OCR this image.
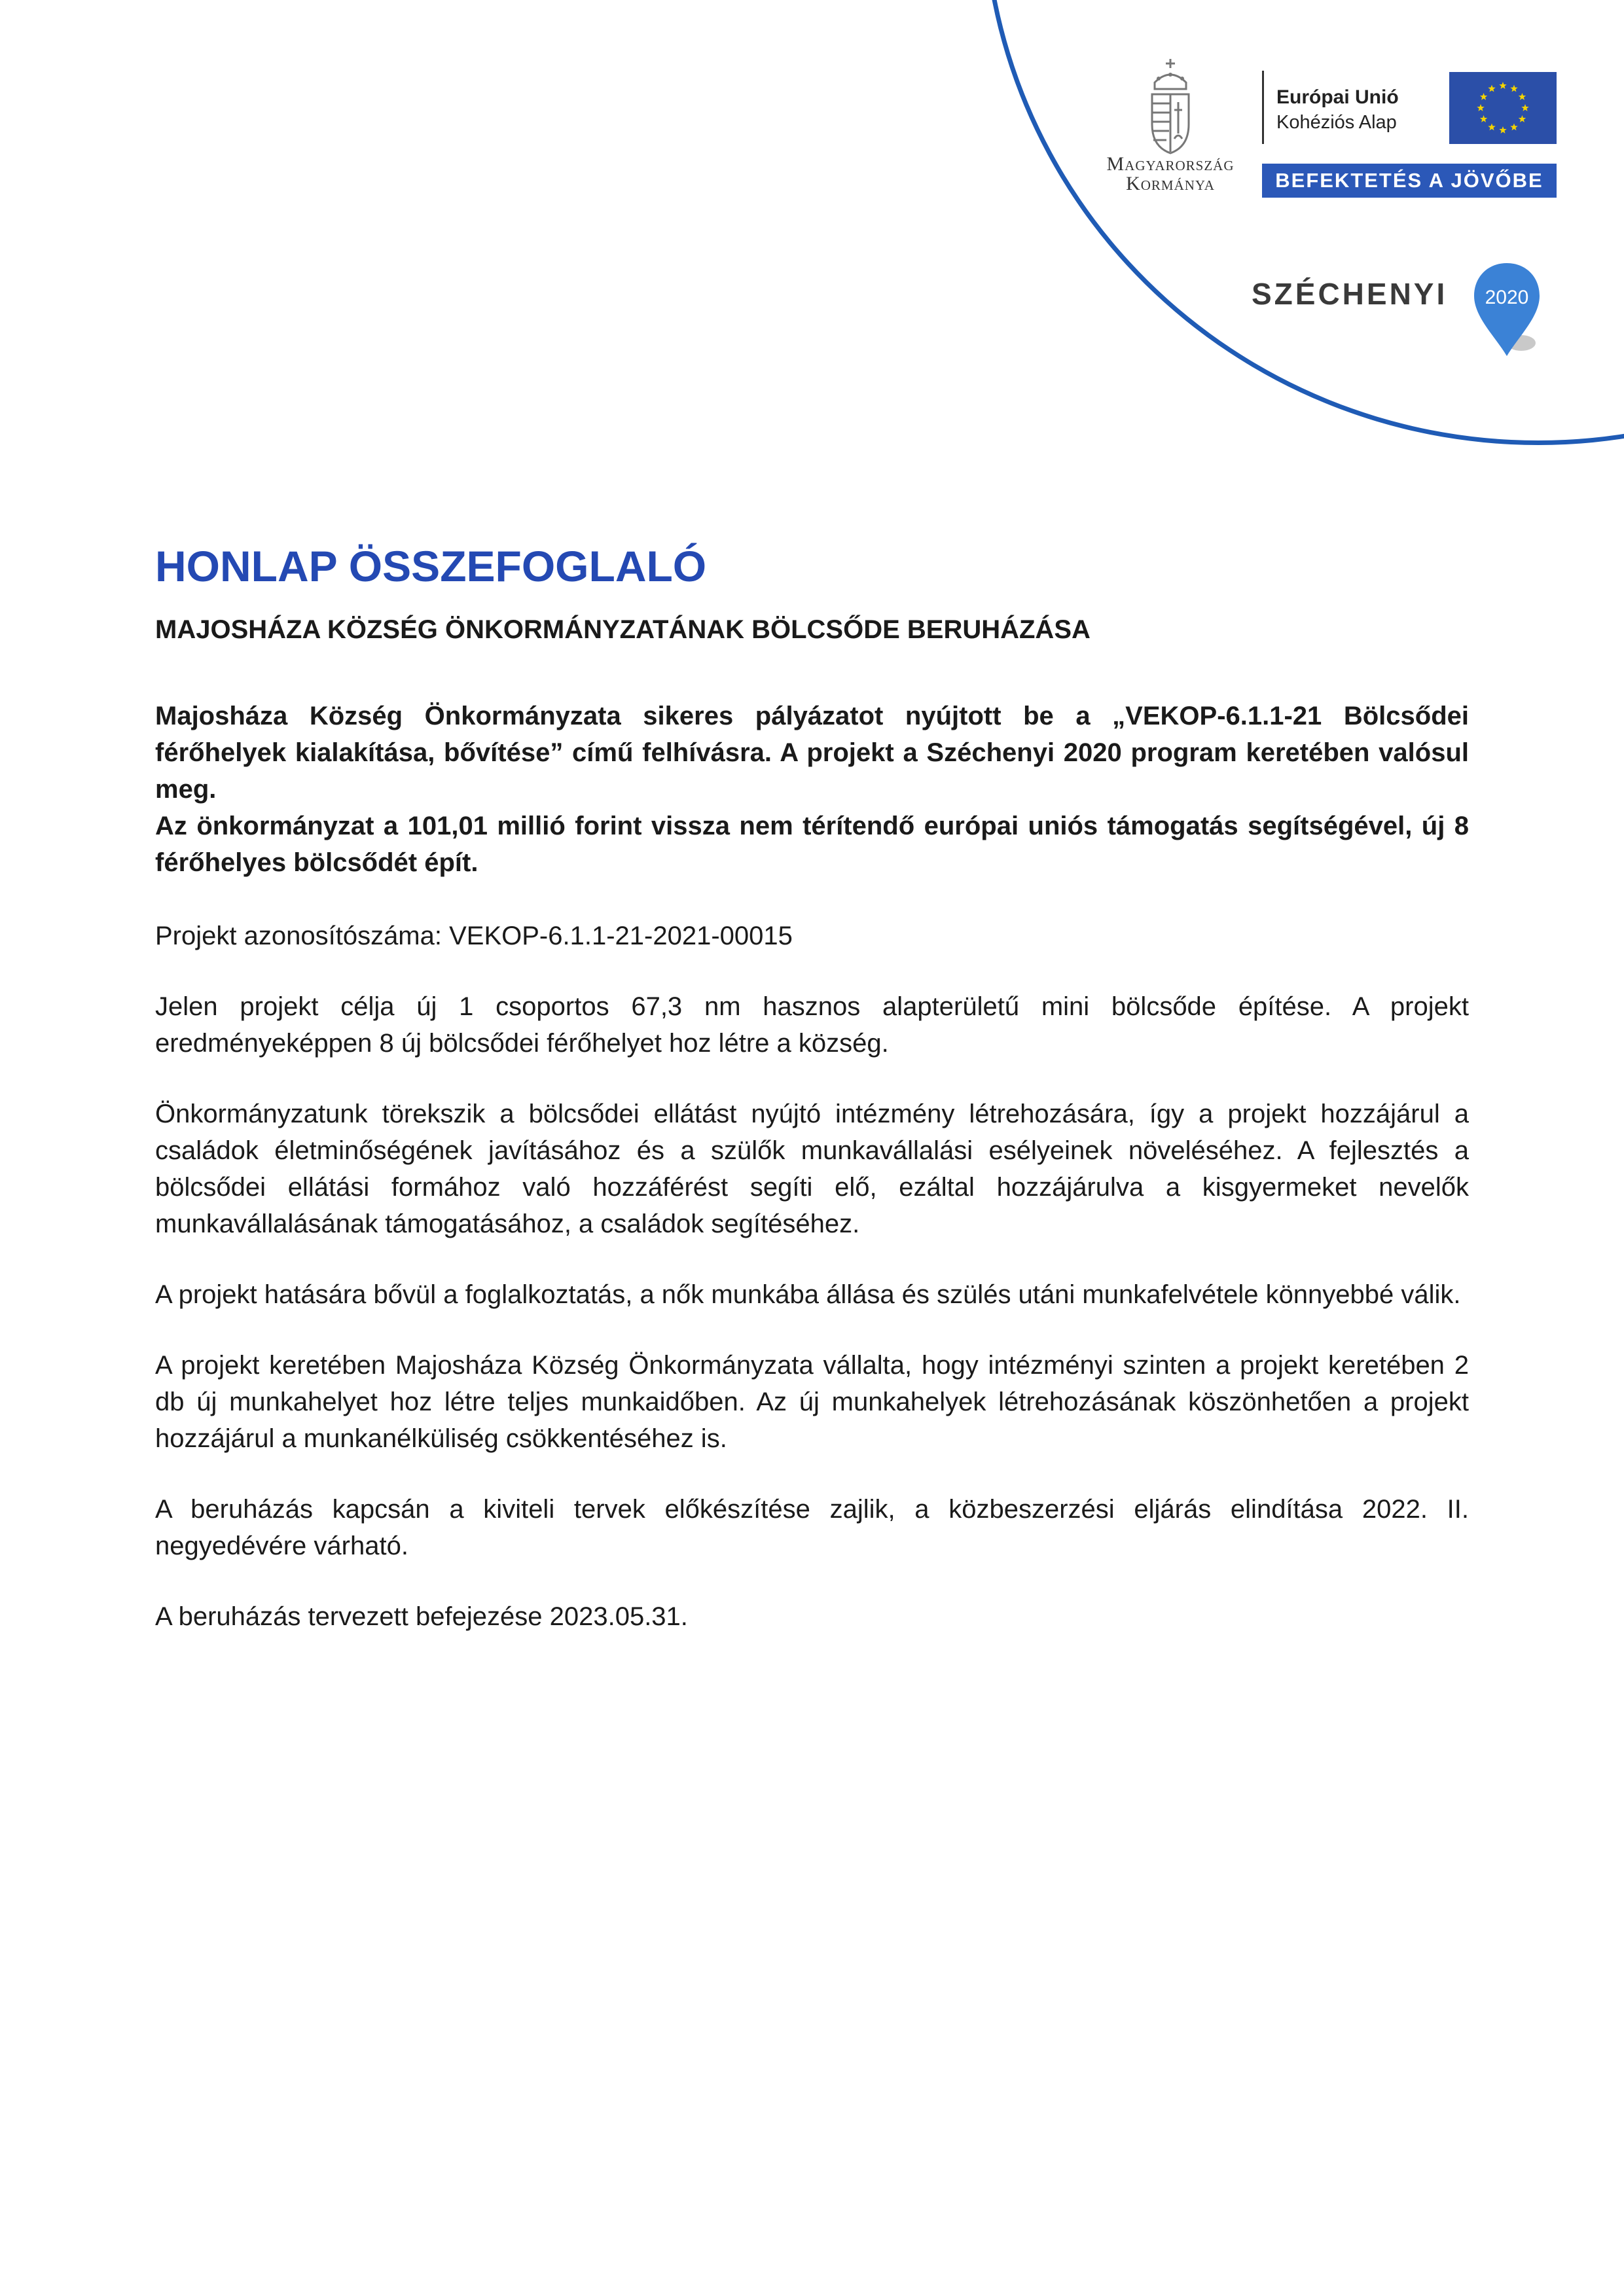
Magyarország
Kormánya
Európai Unió
Kohéziós Alap
BEFEKTETÉS A JÖVŐBE
SZÉCHENYI 2020
HONLAP ÖSSZEFOGLALÓ
MAJOSHÁZA KÖZSÉG ÖNKORMÁNYZATÁNAK BÖLCSŐDE BERUHÁZÁSA

Majosháza Község Önkormányzata sikeres pályázatot nyújtott be a „VEKOP-6.1.1-21 Bölcsődei férőhelyek kialakítása, bővítése” című felhívásra. A projekt a Széchenyi 2020 program keretében valósul meg.

Az önkormányzat a 101,01 millió forint vissza nem térítendő európai uniós támogatás segítségével, új 8 férőhelyes bölcsődét épít.

Projekt azonosítószáma: VEKOP-6.1.1-21-2021-00015

Jelen projekt célja új 1 csoportos 67,3 nm hasznos alapterületű mini bölcsőde építése. A projekt eredményeképpen 8 új bölcsődei férőhelyet hoz létre a község.

Önkormányzatunk törekszik a bölcsődei ellátást nyújtó intézmény létrehozására, így a projekt hozzájárul a családok életminőségének javításához és a szülők munkavállalási esélyeinek növeléséhez. A fejlesztés a bölcsődei ellátási formához való hozzáférést segíti elő, ezáltal hozzájárulva a kisgyermeket nevelők munkavállalásának támogatásához, a családok segítéséhez.

A projekt hatására bővül a foglalkoztatás, a nők munkába állása és szülés utáni munkafelvétele könnyebbé válik.

A projekt keretében Majosháza Község Önkormányzata vállalta, hogy intézményi szinten a projekt keretében 2 db új munkahelyet hoz létre teljes munkaidőben. Az új munkahelyek létrehozásának köszönhetően a projekt hozzájárul a munkanélküliség csökkentéséhez is.

A beruházás kapcsán a kiviteli tervek előkészítése zajlik, a közbeszerzési eljárás elindítása 2022. II. negyedévére várható.

A beruházás tervezett befejezése 2023.05.31.
